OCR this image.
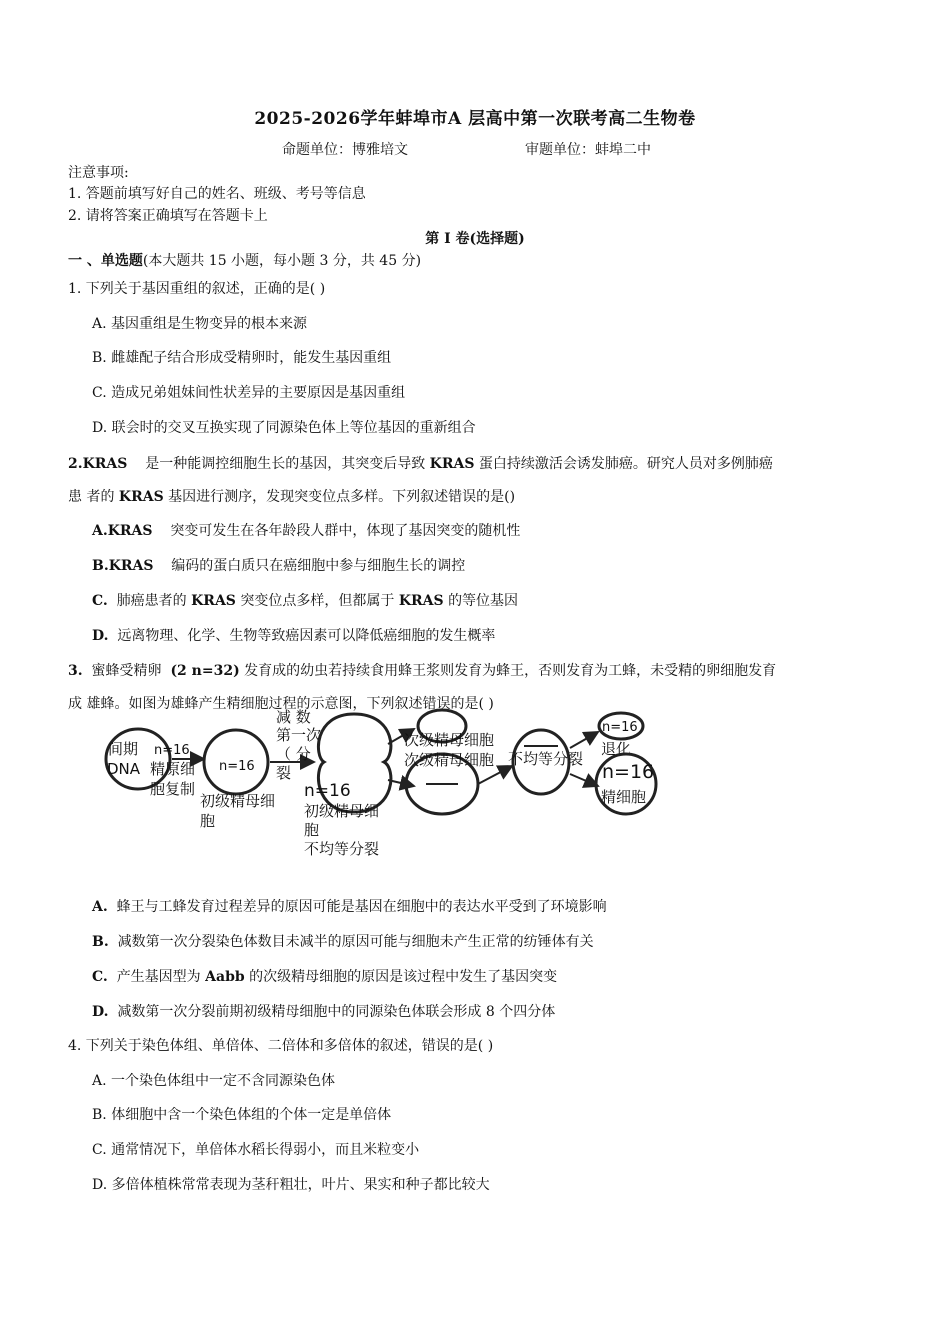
2025-2026学年蚌埠市A 层高中第一次联考高二生物卷
命题单位：博雅培文	审题单位：蚌埠二中
注意事项:
1. 答题前填写好自己的姓名、班级、考号等信息
2. 请将答案正确填写在答题卡上
第 I 卷(选择题)
一 、单选题(本大题共 15 小题，每小题 3 分，共 45 分)
1. 下列关于基因重组的叙述，正确的是( )
A. 基因重组是生物变异的根本来源
B. 雌雄配子结合形成受精卵时，能发生基因重组
C. 造成兄弟姐妹间性状差异的主要原因是基因重组
D. 联会时的交叉互换实现了同源染色体上等位基因的重新组合
2.KRAS 是一种能调控细胞生长的基因，其突变后导致 KRAS 蛋白持续激活会诱发肺癌。研究人员对多例肺癌
患 者的 KRAS 基因进行测序，发现突变位点多样。下列叙述错误的是()
A.KRAS 突变可发生在各年龄段人群中，体现了基因突变的随机性
B.KRAS 编码的蛋白质只在癌细胞中参与细胞生长的调控
C. 肺癌患者的 KRAS 突变位点多样，但都属于 KRAS 的等位基因
D. 远离物理、化学、生物等致癌因素可以降低癌细胞的发生概率
3. 蜜蜂受精卵 (2 n=32) 发育成的幼虫若持续食用蜂王浆则发育为蜂王，否则发育为工蜂，未受精的卵细胞发育
成 雄蜂。如图为雄蜂产生精细胞过程的示意图，下列叙述错误的是( )
间期
DNA
n=16
精原细
胞复制
n=16
初级精母细
胞
减 数
第一次
（ 分
裂
n=16
初级精母细
胞
不均等分裂
次级精母细胞
次级精母细胞 不均等分裂
n=16
退化
n=16
精细胞
A. 蜂王与工蜂发育过程差异的原因可能是基因在细胞中的表达水平受到了环境影响
B. 减数第一次分裂染色体数目未减半的原因可能与细胞未产生正常的纺锤体有关
C. 产生基因型为 Aabb 的次级精母细胞的原因是该过程中发生了基因突变
D. 减数第一次分裂前期初级精母细胞中的同源染色体联会形成 8 个四分体
4. 下列关于染色体组、单倍体、二倍体和多倍体的叙述，错误的是( )
A. 一个染色体组中一定不含同源染色体
B. 体细胞中含一个染色体组的个体一定是单倍体
C. 通常情况下，单倍体水稻长得弱小，而且米粒变小
D. 多倍体植株常常表现为茎秆粗壮，叶片、果实和种子都比较大
